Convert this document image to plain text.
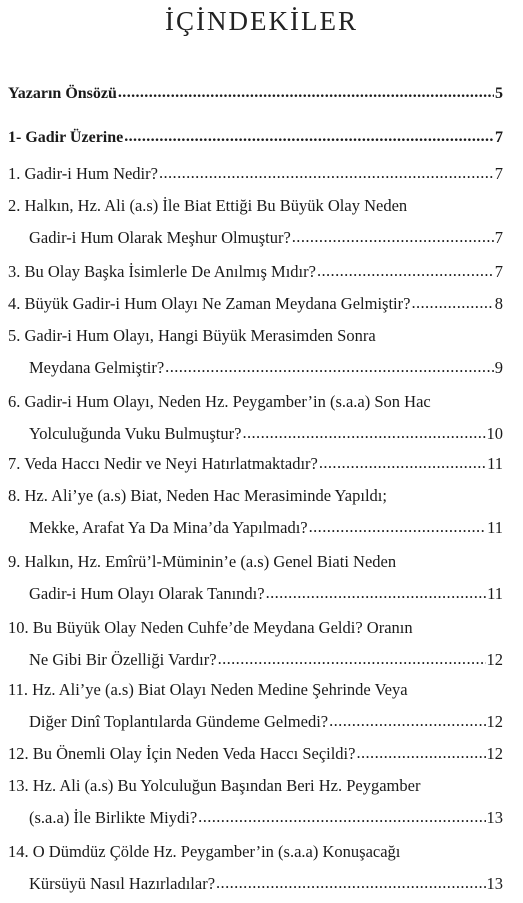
İÇİNDEKİLER
Yazarın Önsözü .....	5
1- Gadir Üzerine .....	7
1. Gadir-i Hum Nedir? .....	7
2. Halkın, Hz. Ali (a.s) İle Biat Ettiği Bu Büyük Olay Neden
Gadir-i Hum Olarak Meşhur Olmuştur? .....	7
3. Bu Olay Başka İsimlerle De Anılmış Mıdır? .....	7
4. Büyük Gadir-i Hum Olayı Ne Zaman Meydana Gelmiştir? .....	8
5. Gadir-i Hum Olayı, Hangi Büyük Merasimden Sonra
Meydana Gelmiştir? .....	9
6. Gadir-i Hum Olayı, Neden Hz. Peygamber’in (s.a.a) Son Hac
Yolculuğunda Vuku Bulmuştur? .....	10
7. Veda Haccı Nedir ve Neyi Hatırlatmaktadır? .....	11
8. Hz. Ali’ye (a.s) Biat, Neden Hac Merasiminde Yapıldı;
Mekke, Arafat Ya Da Mina’da Yapılmadı? .....	11
9. Halkın, Hz. Emîrü’l-Müminin’e (a.s) Genel Biati Neden
Gadir-i Hum Olayı Olarak Tanındı? .....	11
10. Bu Büyük Olay Neden Cuhfe’de Meydana Geldi? Oranın
Ne Gibi Bir Özelliği Vardır? .....	12
11. Hz. Ali’ye (a.s) Biat Olayı Neden Medine Şehrinde Veya
Diğer Dinî Toplantılarda Gündeme Gelmedi? .....	12
12. Bu Önemli Olay İçin Neden Veda Haccı Seçildi? .....	12
13. Hz. Ali (a.s) Bu Yolculuğun Başından Beri Hz. Peygamber
(s.a.a) İle Birlikte Miydi? .....	13
14. O Dümdüz Çölde Hz. Peygamber’in (s.a.a) Konuşacağı
Kürsüyü Nasıl Hazırladılar? .....	13
